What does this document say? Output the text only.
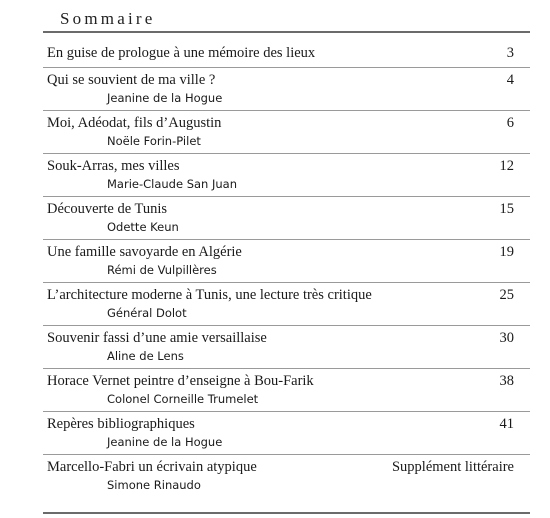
Sommaire
En guise de prologue à une mémoire des lieux	3
Qui se souvient de ma ville ?	4
Jeanine de la Hogue
Moi, Adéodat, fils d’Augustin	6
Noële Forin-Pilet
Souk-Arras, mes villes	12
Marie-Claude San Juan
Découverte de Tunis	15
Odette Keun
Une famille savoyarde en Algérie	19
Rémi de Vulpillères
L’architecture moderne à Tunis, une lecture très critique	25
Général Dolot
Souvenir fassi d’une amie versaillaise	30
Aline de Lens
Horace Vernet peintre d’enseigne à Bou-Farik	38
Colonel Corneille Trumelet
Repères bibliographiques	41
Jeanine de la Hogue
Marcello-Fabri un écrivain atypique	Supplément littéraire
Simone Rinaudo
